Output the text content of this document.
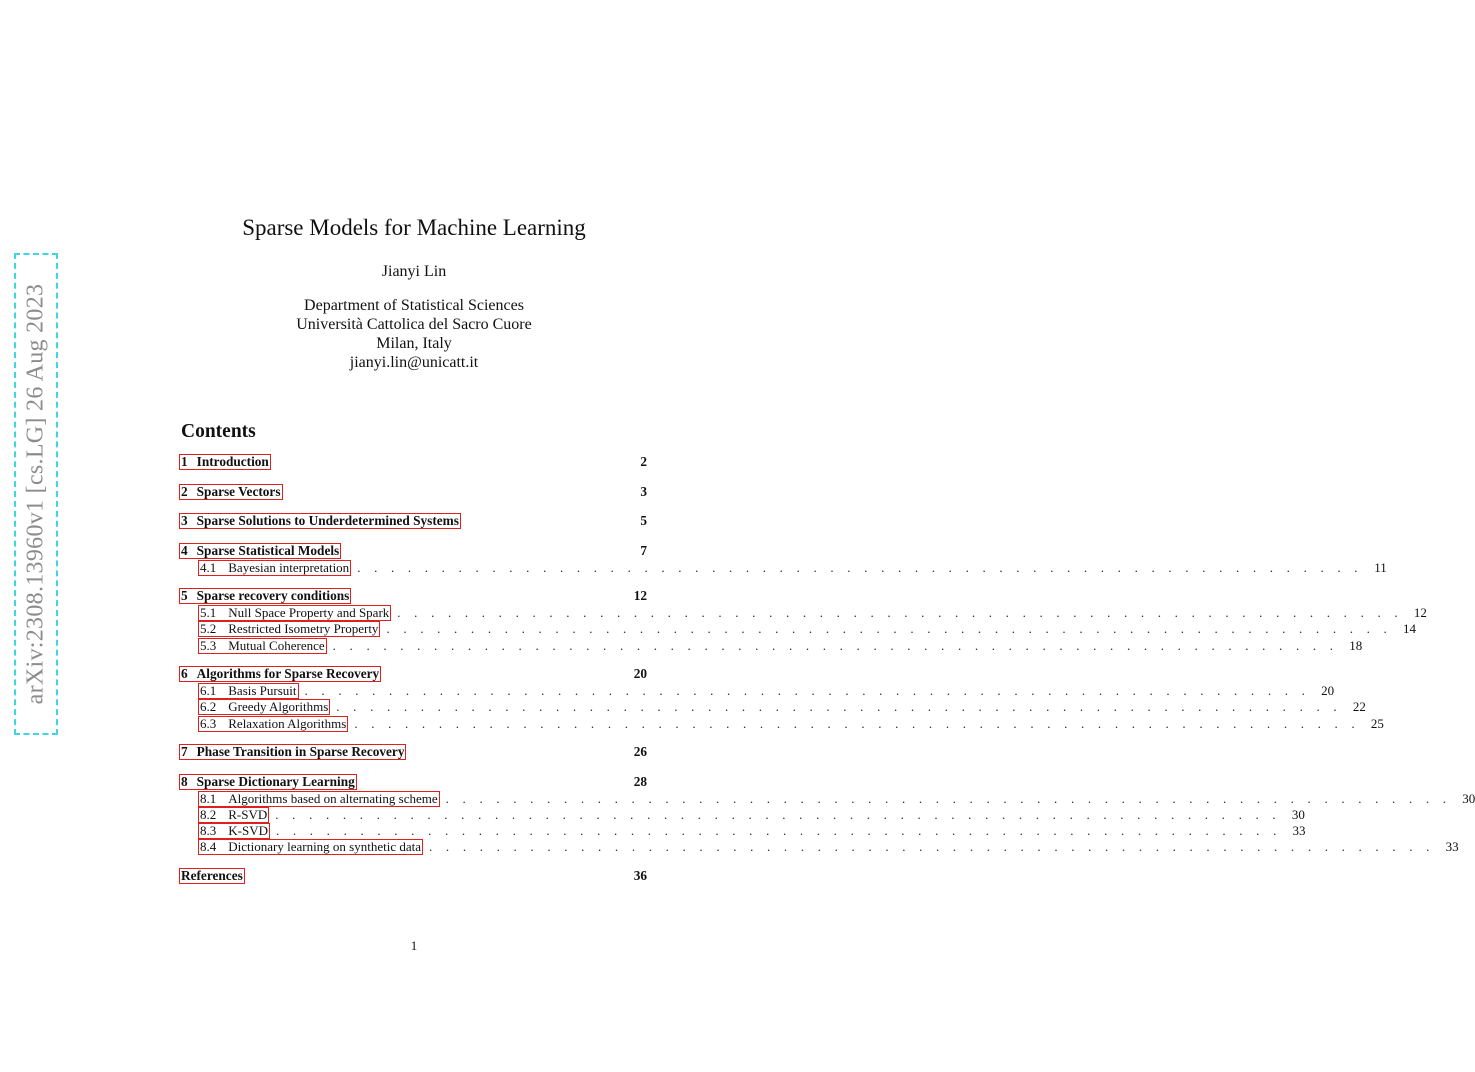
arXiv:2308.13960v1 [cs.LG] 26 Aug 2023
Sparse Models for Machine Learning
Jianyi Lin
Department of Statistical Sciences
Università Cattolica del Sacro Cuore
Milan, Italy
jianyi.lin@unicatt.it
Contents
1 Introduction	2
2 Sparse Vectors	3
3 Sparse Solutions to Underdetermined Systems	5
4 Sparse Statistical Models	7
4.1 Bayesian interpretation . . . . . . . . . . . . . . . . . . . . . . . . . . . . . . . . . . . . . . . . . . . . . . . . . . . . . . . . . . . . 11
5 Sparse recovery conditions	12
5.1 Null Space Property and Spark . . . . . . . . . . . . . . . . . . . . . . . . . . . . . . . . . . . . . . . . . . . . . . . . . . . . . . . . . . . . 12
5.2 Restricted Isometry Property . . . . . . . . . . . . . . . . . . . . . . . . . . . . . . . . . . . . . . . . . . . . . . . . . . . . . . . . . . . . 14
5.3 Mutual Coherence . . . . . . . . . . . . . . . . . . . . . . . . . . . . . . . . . . . . . . . . . . . . . . . . . . . . . . . . . . . . 18
6 Algorithms for Sparse Recovery	20
6.1 Basis Pursuit . . . . . . . . . . . . . . . . . . . . . . . . . . . . . . . . . . . . . . . . . . . . . . . . . . . . . . . . . . . . 20
6.2 Greedy Algorithms . . . . . . . . . . . . . . . . . . . . . . . . . . . . . . . . . . . . . . . . . . . . . . . . . . . . . . . . . . . . 22
6.3 Relaxation Algorithms . . . . . . . . . . . . . . . . . . . . . . . . . . . . . . . . . . . . . . . . . . . . . . . . . . . . . . . . . . . . 25
7 Phase Transition in Sparse Recovery	26
8 Sparse Dictionary Learning	28
8.1 Algorithms based on alternating scheme . . . . . . . . . . . . . . . . . . . . . . . . . . . . . . . . . . . . . . . . . . . . . . . . . . . . . . . . . . . . 30
8.2 R-SVD . . . . . . . . . . . . . . . . . . . . . . . . . . . . . . . . . . . . . . . . . . . . . . . . . . . . . . . . . . . . 30
8.3 K-SVD . . . . . . . . . . . . . . . . . . . . . . . . . . . . . . . . . . . . . . . . . . . . . . . . . . . . . . . . . . . . 33
8.4 Dictionary learning on synthetic data . . . . . . . . . . . . . . . . . . . . . . . . . . . . . . . . . . . . . . . . . . . . . . . . . . . . . . . . . . . . 33
References	36
1
